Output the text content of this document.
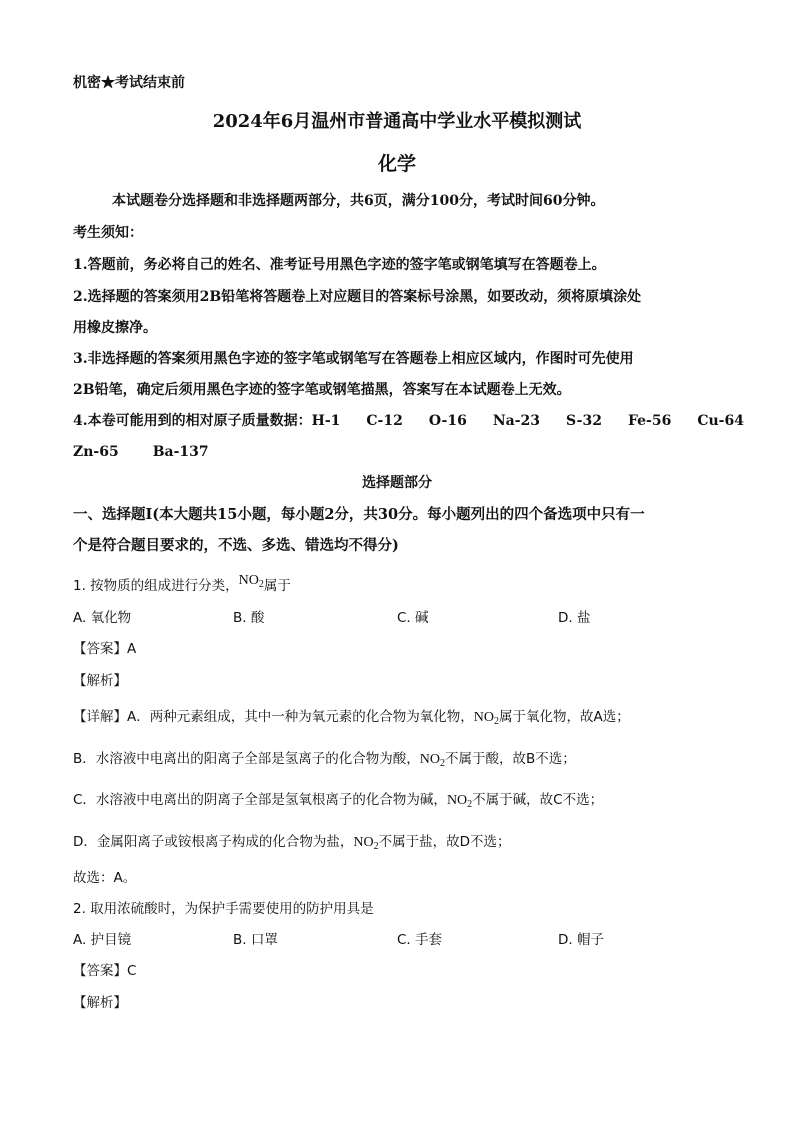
机密★考试结束前
2024年6月温州市普通高中学业水平模拟测试
化学
本试题卷分选择题和非选择题两部分，共6页，满分100分，考试时间60分钟。
考生须知：
1.答题前，务必将自己的姓名、准考证号用黑色字迹的签字笔或钢笔填写在答题卷上。
2.选择题的答案须用2B铅笔将答题卷上对应题目的答案标号涂黑，如要改动，须将原填涂处
用橡皮擦净。
3.非选择题的答案须用黑色字迹的签字笔或钢笔写在答题卷上相应区域内，作图时可先使用
2B铅笔，确定后须用黑色字迹的签字笔或钢笔描黑，答案写在本试题卷上无效。
4.本卷可能用到的相对原子质量数据：H-1 C-12 O-16 Na-23 S-32 Fe-56 Cu-64
Zn-65 Ba-137
选择题部分
一、选择题Ⅰ(本大题共15小题，每小题2分，共30分。每小题列出的四个备选项中只有一
个是符合题目要求的，不选、多选、错选均不得分)
1. 按物质的组成进行分类，$NO_2$属于
A. 氧化物	B. 酸	C. 碱	D. 盐
【答案】A
【解析】
【详解】A．两种元素组成，其中一种为氧元素的化合物为氧化物，$NO_2$属于氧化物，故A选；
B．水溶液中电离出的阳离子全部是氢离子的化合物为酸，$NO_2$不属于酸，故B不选；
C．水溶液中电离出的阴离子全部是氢氧根离子的化合物为碱，$NO_2$不属于碱，故C不选；
D．金属阳离子或铵根离子构成的化合物为盐，$NO_2$不属于盐，故D不选；
故选：A。
2. 取用浓硫酸时，为保护手需要使用的防护用具是
A. 护目镜	B. 口罩	C. 手套	D. 帽子
【答案】C
【解析】
